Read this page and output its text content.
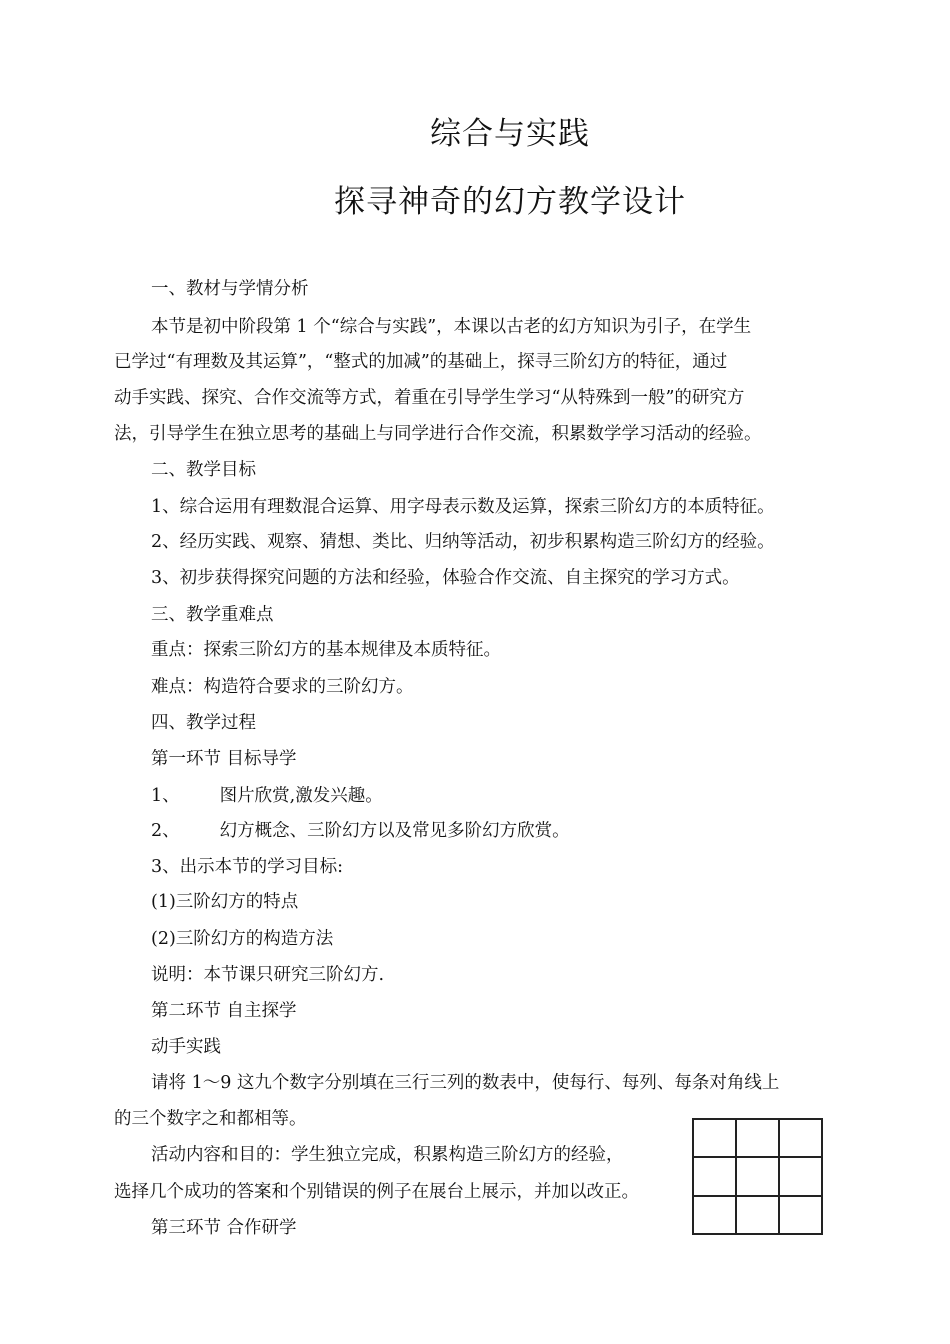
综合与实践
探寻神奇的幻方教学设计
一、教材与学情分析
本节是初中阶段第 1 个“综合与实践”，本课以古老的幻方知识为引子，在学生
已学过“有理数及其运算”，“整式的加减”的基础上，探寻三阶幻方的特征，通过
动手实践、探究、合作交流等方式，着重在引导学生学习“从特殊到一般”的研究方
法，引导学生在独立思考的基础上与同学进行合作交流，积累数学学习活动的经验。
二、教学目标
1、综合运用有理数混合运算、用字母表示数及运算，探索三阶幻方的本质特征。
2、经历实践、观察、猜想、类比、归纳等活动，初步积累构造三阶幻方的经验。
3、初步获得探究问题的方法和经验，体验合作交流、自主探究的学习方式。
三、教学重难点
重点：探索三阶幻方的基本规律及本质特征。
难点：构造符合要求的三阶幻方。
四、教学过程
第一环节 目标导学
1、 图片欣赏,激发兴趣。
2、 幻方概念、三阶幻方以及常见多阶幻方欣赏。
3、出示本节的学习目标:
(1)三阶幻方的特点
(2)三阶幻方的构造方法
说明：本节课只研究三阶幻方.
第二环节 自主探学
动手实践
请将 1～9 这九个数字分别填在三行三列的数表中，使每行、每列、每条对角线上
的三个数字之和都相等。
活动内容和目的：学生独立完成，积累构造三阶幻方的经验，
选择几个成功的答案和个别错误的例子在展台上展示，并加以改正。
第三环节 合作研学
